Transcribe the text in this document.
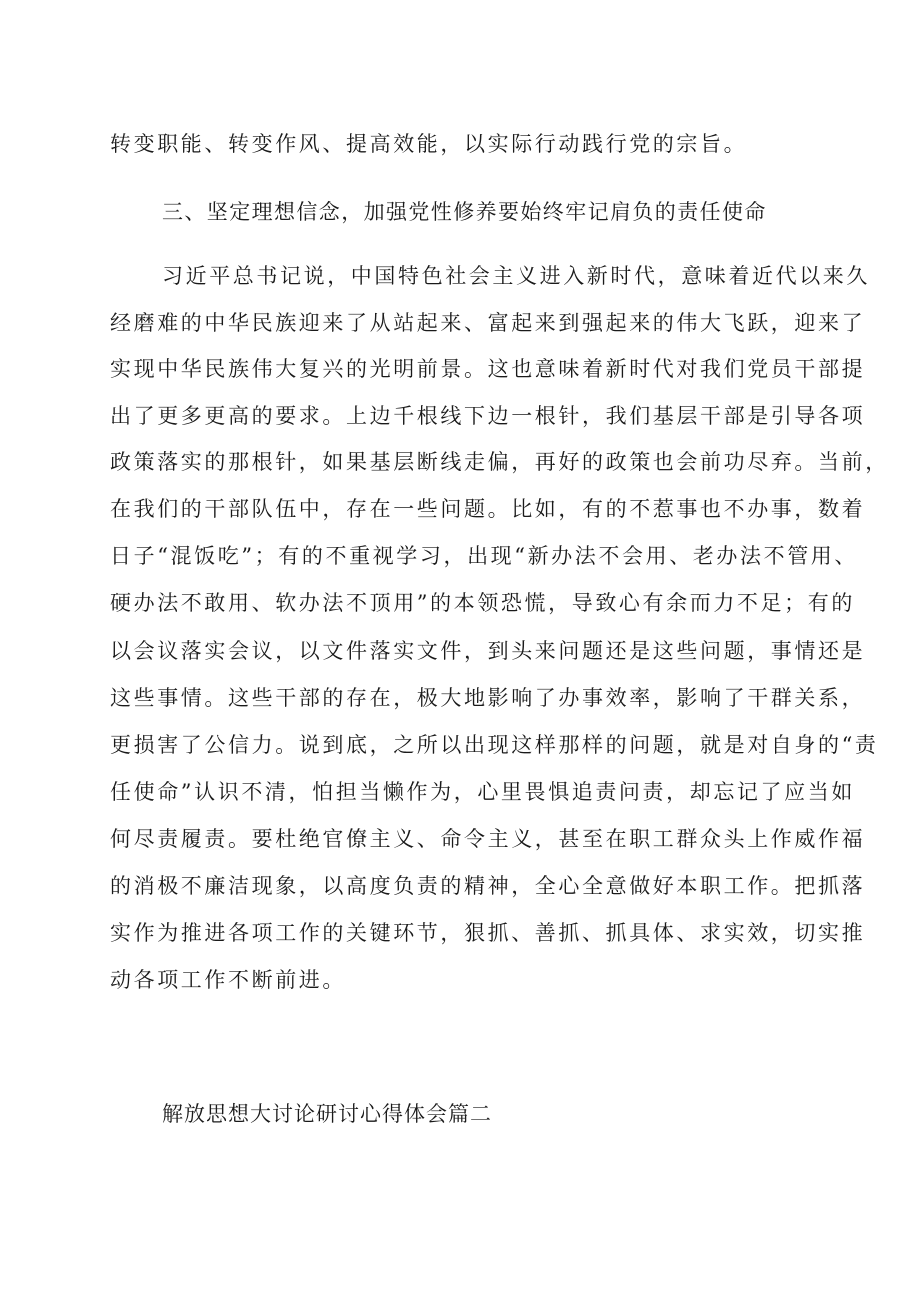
转变职能、转变作风、提高效能，以实际行动践行党的宗旨。
三、坚定理想信念，加强党性修养要始终牢记肩负的责任使命
习近平总书记说，中国特色社会主义进入新时代，意味着近代以来久
经磨难的中华民族迎来了从站起来、富起来到强起来的伟大飞跃，迎来了
实现中华民族伟大复兴的光明前景。这也意味着新时代对我们党员干部提
出了更多更高的要求。上边千根线下边一根针，我们基层干部是引导各项
政策落实的那根针，如果基层断线走偏，再好的政策也会前功尽弃。当前，
在我们的干部队伍中，存在一些问题。比如，有的不惹事也不办事，数着
日子“混饭吃”；有的不重视学习，出现“新办法不会用、老办法不管用、
硬办法不敢用、软办法不顶用”的本领恐慌，导致心有余而力不足；有的
以会议落实会议，以文件落实文件，到头来问题还是这些问题，事情还是
这些事情。这些干部的存在，极大地影响了办事效率，影响了干群关系，
更损害了公信力。说到底，之所以出现这样那样的问题，就是对自身的“责
任使命”认识不清，怕担当懒作为，心里畏惧追责问责，却忘记了应当如
何尽责履责。要杜绝官僚主义、命令主义，甚至在职工群众头上作威作福
的消极不廉洁现象，以高度负责的精神，全心全意做好本职工作。把抓落
实作为推进各项工作的关键环节，狠抓、善抓、抓具体、求实效，切实推
动各项工作不断前进。
解放思想大讨论研讨心得体会篇二
